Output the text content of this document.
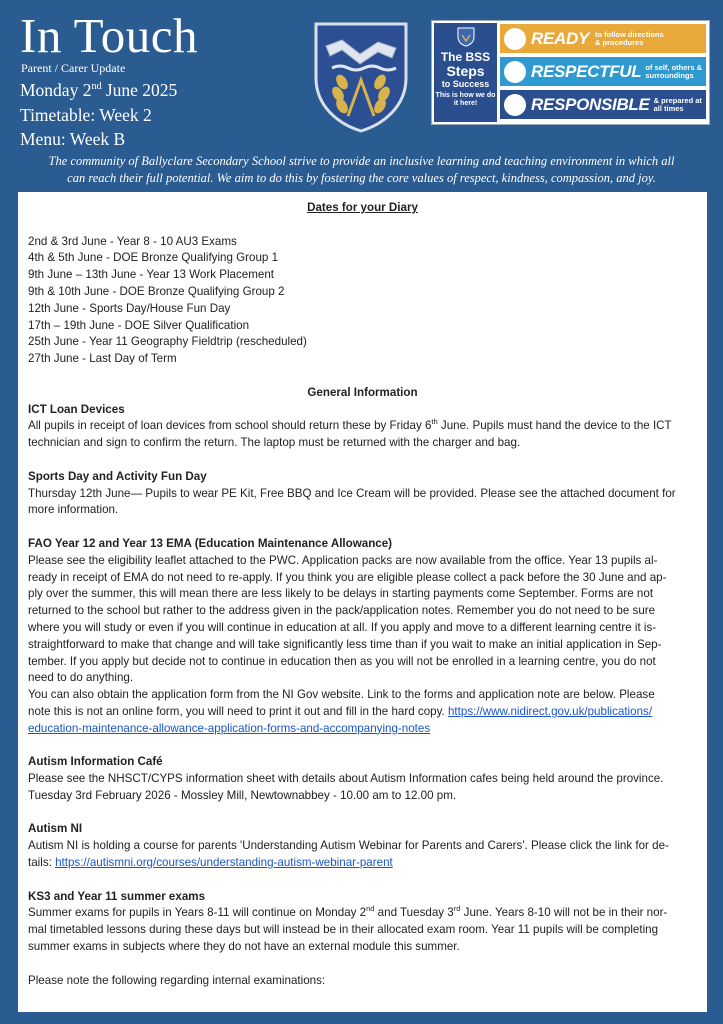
In Touch
Parent / Carer Update
Monday 2nd June 2025
Timetable: Week 2
Menu: Week B
The BSS
Steps
to Success
This is how we do it here!
READY to follow directions & procedures
RESPECTFUL of self, others & surroundings
RESPONSIBLE & prepared at all times
The community of Ballyclare Secondary School strive to provide an inclusive learning and teaching environment in which all can reach their full potential. We aim to do this by fostering the core values of respect, kindness, compassion, and joy.

Dates for your Diary

2nd & 3rd June - Year 8 - 10 AU3 Exams

4th & 5th June - DOE Bronze Qualifying Group 1

9th June – 13th June - Year 13 Work Placement

9th & 10th June - DOE Bronze Qualifying Group 2

12th June - Sports Day/House Fun Day

17th – 19th June - DOE Silver Qualification

25th June - Year 11 Geography Fieldtrip (rescheduled)

27th June - Last Day of Term

General Information

ICT Loan Devices

All pupils in receipt of loan devices from school should return these by Friday 6th June. Pupils must hand the device to the ICT

technician and sign to confirm the return. The laptop must be returned with the charger and bag.

Sports Day and Activity Fun Day

Thursday 12th June— Pupils to wear PE Kit, Free BBQ and Ice Cream will be provided. Please see the attached document for

more information.

FAO Year 12 and Year 13 EMA (Education Maintenance Allowance)

Please see the eligibility leaflet attached to the PWC. Application packs are now available from the office. Year 13 pupils al-

ready in receipt of EMA do not need to re-apply. If you think you are eligible please collect a pack before the 30 June and ap-

ply over the summer, this will mean there are less likely to be delays in starting payments come September. Forms are not

returned to the school but rather to the address given in the pack/application notes. Remember you do not need to be sure

where you will study or even if you will continue in education at all. If you apply and move to a different learning centre it is-

straightforward to make that change and will take significantly less time than if you wait to make an initial application in Sep-

tember. If you apply but decide not to continue in education then as you will not be enrolled in a learning centre, you do not

need to do anything.

You can also obtain the application form from the NI Gov website. Link to the forms and application note are below. Please

note this is not an online form, you will need to print it out and fill in the hard copy. https://www.nidirect.gov.uk/publications/

education-maintenance-allowance-application-forms-and-accompanying-notes

Autism Information Café

Please see the NHSCT/CYPS information sheet with details about Autism Information cafes being held around the province.

Tuesday 3rd February 2026 - Mossley Mill, Newtownabbey - 10.00 am to 12.00 pm.

Autism NI

Autism NI is holding a course for parents 'Understanding Autism Webinar for Parents and Carers'. Please click the link for de-

tails: https://autismni.org/courses/understanding-autism-webinar-parent

KS3 and Year 11 summer exams

Summer exams for pupils in Years 8-11 will continue on Monday 2nd and Tuesday 3rd June. Years 8-10 will not be in their nor-

mal timetabled lessons during these days but will instead be in their allocated exam room. Year 11 pupils will be completing

summer exams in subjects where they do not have an external module this summer.

Please note the following regarding internal examinations:
